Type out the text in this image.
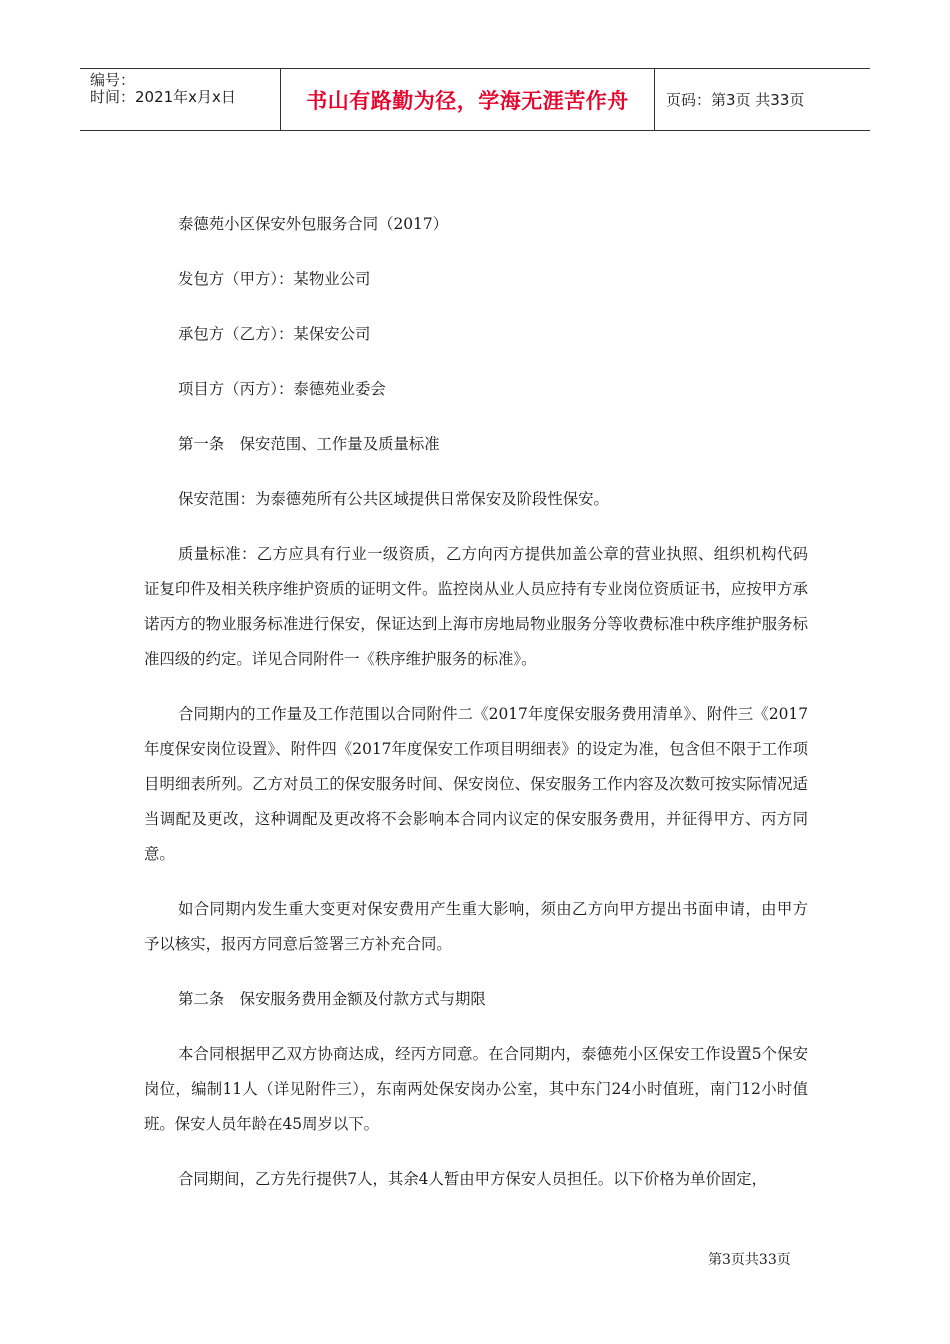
编号：
时间：2021年x月x日	书山有路勤为径，学海无涯苦作舟 页码：第3页 共33页

泰德苑小区保安外包服务合同（2017）

发包方（甲方）：某物业公司

承包方（乙方）：某保安公司

项目方（丙方）：泰德苑业委会

第一条　保安范围、工作量及质量标准

保安范围：为泰德苑所有公共区域提供日常保安及阶段性保安。

质量标准：乙方应具有行业一级资质，乙方向丙方提供加盖公章的营业执照、组织机构代码证复印件及相关秩序维护资质的证明文件。监控岗从业人员应持有专业岗位资质证书，应按甲方承诺丙方的物业服务标准进行保安，保证达到上海市房地局物业服务分等收费标准中秩序维护服务标准四级的约定。详见合同附件一《秩序维护服务的标准》。

合同期内的工作量及工作范围以合同附件二《2017年度保安服务费用清单》、附件三《2017年度保安岗位设置》、附件四《2017年度保安工作项目明细表》的设定为准，包含但不限于工作项目明细表所列。乙方对员工的保安服务时间、保安岗位、保安服务工作内容及次数可按实际情况适当调配及更改，这种调配及更改将不会影响本合同内议定的保安服务费用，并征得甲方、丙方同意。

如合同期内发生重大变更对保安费用产生重大影响，须由乙方向甲方提出书面申请，由甲方予以核实，报丙方同意后签署三方补充合同。

第二条　保安服务费用金额及付款方式与期限

本合同根据甲乙双方协商达成，经丙方同意。在合同期内，泰德苑小区保安工作设置5个保安岗位，编制11人（详见附件三），东南两处保安岗办公室，其中东门24小时值班，南门12小时值班。保安人员年龄在45周岁以下。

合同期间，乙方先行提供7人，其余4人暂由甲方保安人员担任。以下价格为单价固定，

第3页共33页
